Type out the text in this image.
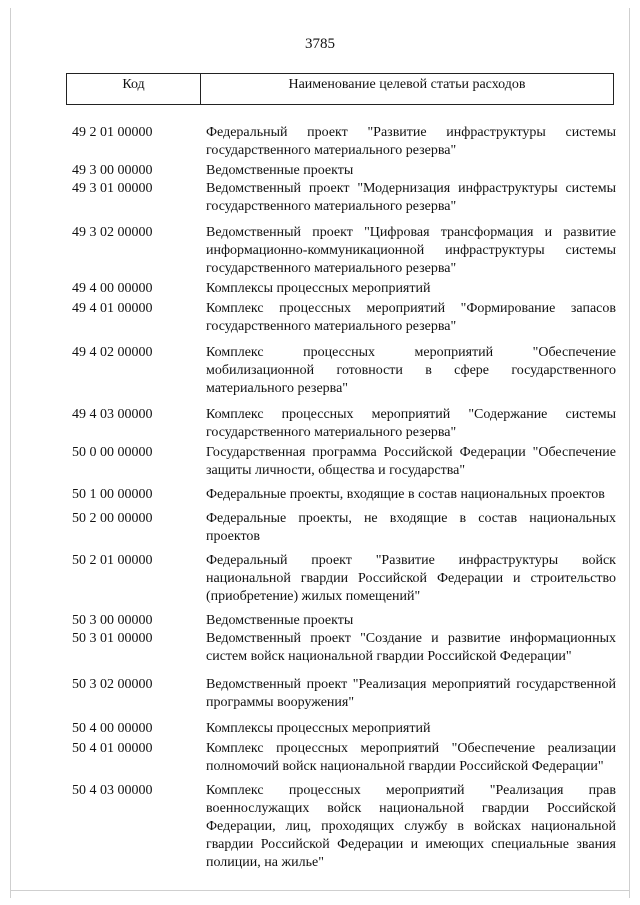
3785
Код	Наименование целевой статьи расходов
49 2 01 00000	Федеральный проект "Развитие инфраструктуры системы государственного материального резерва"
49 3 00 00000	Ведомственные проекты
49 3 01 00000	Ведомственный проект "Модернизация инфраструктуры системы государственного материального резерва"
49 3 02 00000	Ведомственный проект "Цифровая трансформация и развитие информационно-коммуникационной инфраструктуры системы государственного материального резерва"
49 4 00 00000	Комплексы процессных мероприятий
49 4 01 00000	Комплекс процессных мероприятий "Формирование запасов государственного материального резерва"
49 4 02 00000	Комплекс процессных мероприятий "Обеспечение мобилизационной готовности в сфере государственного материального резерва"
49 4 03 00000	Комплекс процессных мероприятий "Содержание системы государственного материального резерва"
50 0 00 00000	Государственная программа Российской Федерации "Обеспечение защиты личности, общества и государства"
50 1 00 00000	Федеральные проекты, входящие в состав национальных проектов
50 2 00 00000	Федеральные проекты, не входящие в состав национальных проектов
50 2 01 00000	Федеральный проект "Развитие инфраструктуры войск национальной гвардии Российской Федерации и строительство (приобретение) жилых помещений"
50 3 00 00000	Ведомственные проекты
50 3 01 00000	Ведомственный проект "Создание и развитие информационных систем войск национальной гвардии Российской Федерации"
50 3 02 00000	Ведомственный проект "Реализация мероприятий государственной программы вооружения"
50 4 00 00000	Комплексы процессных мероприятий
50 4 01 00000	Комплекс процессных мероприятий "Обеспечение реализации полномочий войск национальной гвардии Российской Федерации"
50 4 03 00000	Комплекс процессных мероприятий "Реализация прав военнослужащих войск национальной гвардии Российской Федерации, лиц, проходящих службу в войсках национальной гвардии Российской Федерации и имеющих специальные звания полиции, на жилье"
